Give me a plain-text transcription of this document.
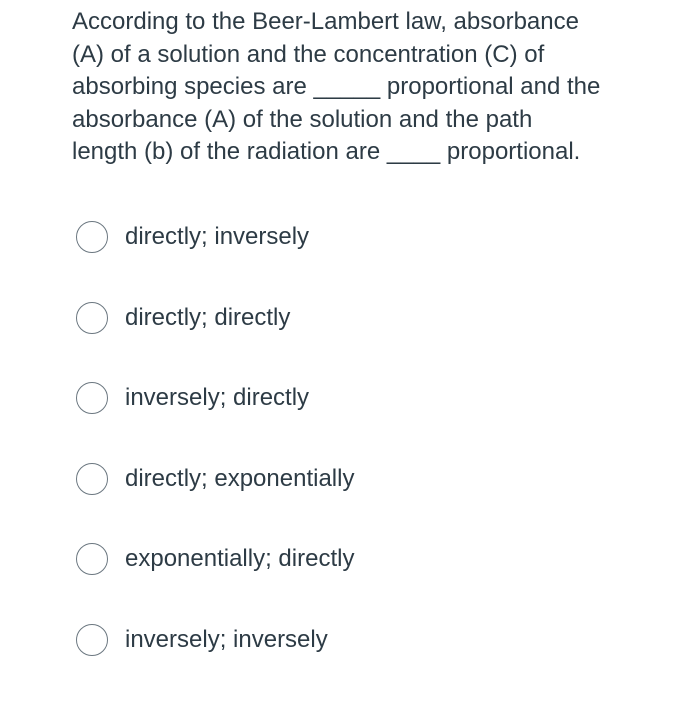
According to the Beer-Lambert law, absorbance
(A) of a solution and the concentration (C) of
absorbing species are _____ proportional and the
absorbance (A) of the solution and the path
length (b) of the radiation are ____ proportional.
directly; inversely
directly; directly
inversely; directly
directly; exponentially
exponentially; directly
inversely; inversely
